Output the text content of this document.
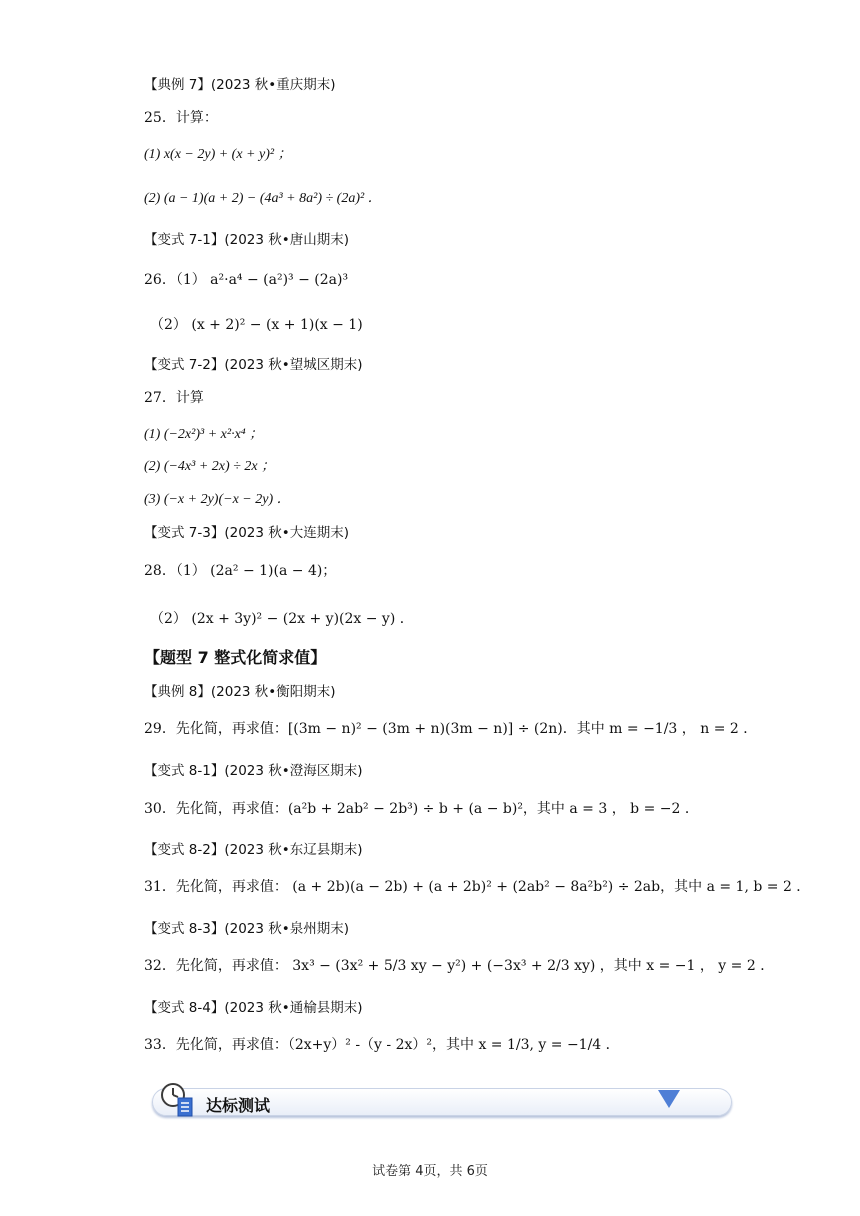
【典例 7】(2023 秋•重庆期末)
25．计算：
(1) x(x − 2y) + (x + y)² ；
(2) (a − 1)(a + 2) − (4a³ + 8a²) ÷ (2a)² ．
【变式 7-1】(2023 秋•唐山期末)
26．（1） a²·a⁴ − (a²)³ − (2a)³
（2） (x + 2)² − (x + 1)(x − 1)
【变式 7-2】(2023 秋•望城区期末)
27．计算
(1) (−2x²)³ + x²·x⁴ ；
(2) (−4x³ + 2x) ÷ 2x ；
(3) (−x + 2y)(−x − 2y) ．
【变式 7-3】(2023 秋•大连期末)
28．（1） (2a² − 1)(a − 4)；
（2） (2x + 3y)² − (2x + y)(2x − y) ．
【题型 7 整式化简求值】
【典例 8】(2023 秋•衡阳期末)
29．先化简，再求值：[(3m − n)² − (3m + n)(3m − n)] ÷ (2n)．其中 m = −1/3 ， n = 2 ．
【变式 8-1】(2023 秋•澄海区期末)
30．先化简，再求值：(a²b + 2ab² − 2b³) ÷ b + (a − b)²，其中 a = 3 ， b = −2 ．
【变式 8-2】(2023 秋•东辽县期末)
31．先化简，再求值： (a + 2b)(a − 2b) + (a + 2b)² + (2ab² − 8a²b²) ÷ 2ab，其中 a = 1, b = 2 ．
【变式 8-3】(2023 秋•泉州期末)
32．先化简，再求值： 3x³ − (3x² + 5/3 xy − y²) + (−3x³ + 2/3 xy) ，其中 x = −1 ， y = 2 ．
【变式 8-4】(2023 秋•通榆县期末)
33．先化简，再求值：（2x+y）² -（y - 2x）²，其中 x = 1/3, y = −1/4 ．
达标测试
试卷第 4页，共 6页
